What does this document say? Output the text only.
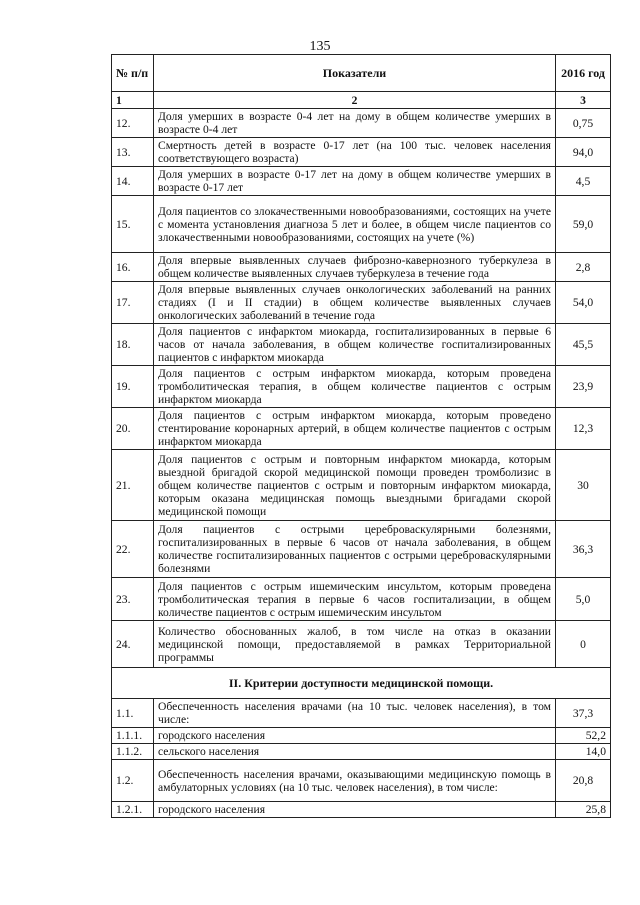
135
№ п/п	Показатели	2016 год
1	2	3
12.	Доля умерших в возрасте 0-4 лет на дому в общем количестве умерших в возрасте 0-4 лет	0,75
13.	Смертность детей в возрасте 0-17 лет (на 100 тыс. человек населения соответствующего возраста)	94,0
14.	Доля умерших в возрасте 0-17 лет на дому в общем количестве умерших в возрасте 0-17 лет	4,5
15.	Доля пациентов со злокачественными новообразованиями, состоящих на учете с момента установления диагноза 5 лет и более, в общем числе пациентов со злокачественными новообразованиями, состоящих на учете (%)	59,0
16.	Доля впервые выявленных случаев фиброзно-кавернозного туберкулеза в общем количестве выявленных случаев туберкулеза в течение года	2,8
17.	Доля впервые выявленных случаев онкологических заболеваний на ранних стадиях (I и II стадии) в общем количестве выявленных случаев онкологических заболеваний в течение года	54,0
18.	Доля пациентов с инфарктом миокарда, госпитализированных в первые 6 часов от начала заболевания, в общем количестве госпитализированных пациентов с инфарктом миокарда	45,5
19.	Доля пациентов с острым инфарктом миокарда, которым проведена тромболитическая терапия, в общем количестве пациентов с острым инфарктом миокарда	23,9
20.	Доля пациентов с острым инфарктом миокарда, которым проведено стентирование коронарных артерий, в общем количестве пациентов с острым инфарктом миокарда	12,3
21.	Доля пациентов с острым и повторным инфарктом миокарда, которым выездной бригадой скорой медицинской помощи проведен тромболизис в общем количестве пациентов с острым и повторным инфарктом миокарда, которым оказана медицинская помощь выездными бригадами скорой медицинской помощи	30
22.	Доля пациентов с острыми цереброваскулярными болезнями, госпитализированных в первые 6 часов от начала заболевания, в общем количестве госпитализированных пациентов с острыми цереброваскулярными болезнями	36,3
23.	Доля пациентов с острым ишемическим инсультом, которым проведена тромболитическая терапия в первые 6 часов госпитализации, в общем количестве пациентов с острым ишемическим инсультом	5,0
24.	Количество обоснованных жалоб, в том числе на отказ в оказании медицинской помощи, предоставляемой в рамках Территориальной программы	0
II. Критерии доступности медицинской помощи.		
1.1.	Обеспеченность населения врачами (на 10 тыс. человек населения), в том числе:	37,3
1.1.1.	городского населения	52,2
1.1.2.	сельского населения	14,0
1.2.	Обеспеченность населения врачами, оказывающими медицинскую помощь в амбулаторных условиях (на 10 тыс. человек населения), в том числе:	20,8
1.2.1.	городского населения	25,8
